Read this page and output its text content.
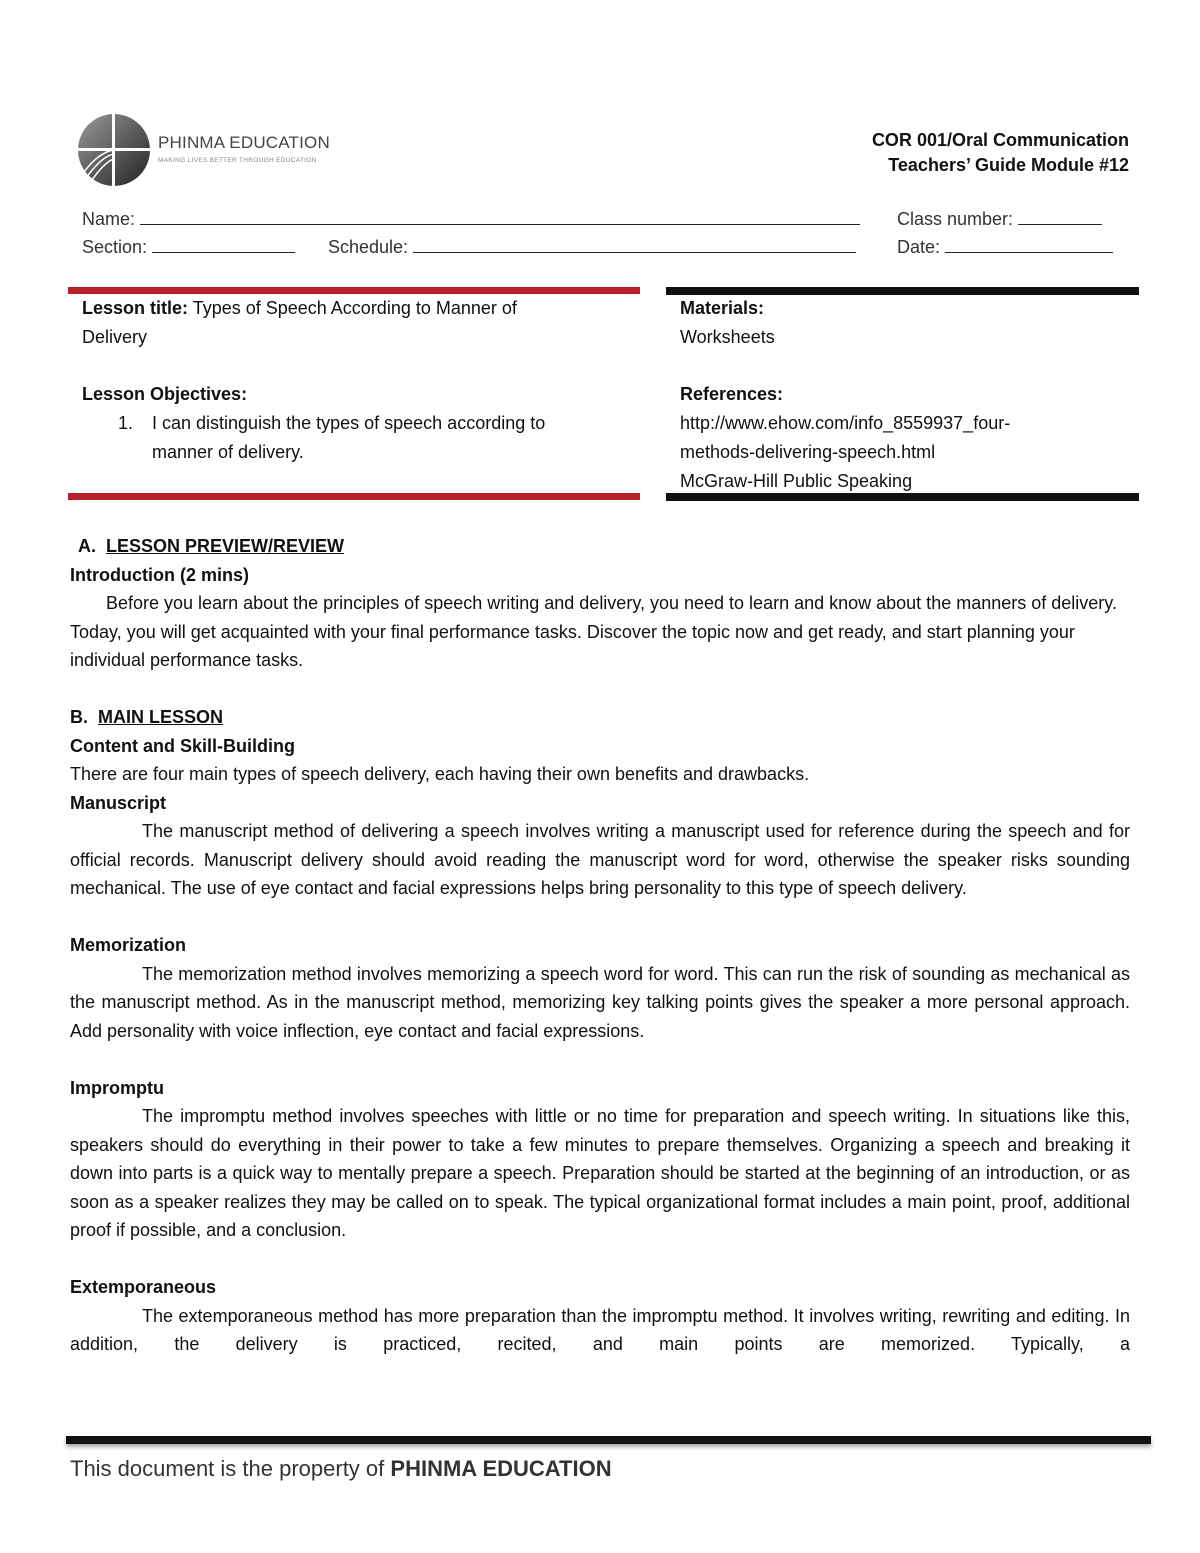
PHINMA EDUCATION
MAKING LIVES BETTER THROUGH EDUCATION
COR 001/Oral Communication
Teachers’ Guide Module #12
Name:	Class number:
Section:	Schedule:	Date:
Lesson title: Types of Speech According to Manner of
Delivery
Lesson Objectives:
1. I can distinguish the types of speech according to
manner of delivery.
Materials:
Worksheets
References:
http://www.ehow.com/info_8559937_four-
methods-delivering-speech.html
McGraw-Hill Public Speaking
A. LESSON PREVIEW/REVIEW
Introduction (2 mins)
Before you learn about the principles of speech writing and delivery, you need to learn and know about the manners of delivery. Today, you will get acquainted with your final performance tasks. Discover the topic now and get ready, and start planning your individual performance tasks.
B. MAIN LESSON
Content and Skill-Building
There are four main types of speech delivery, each having their own benefits and drawbacks.
Manuscript
The manuscript method of delivering a speech involves writing a manuscript used for reference during the speech and for official records. Manuscript delivery should avoid reading the manuscript word for word, otherwise the speaker risks sounding mechanical. The use of eye contact and facial expressions helps bring personality to this type of speech delivery.
Memorization
The memorization method involves memorizing a speech word for word. This can run the risk of sounding as mechanical as the manuscript method. As in the manuscript method, memorizing key talking points gives the speaker a more personal approach. Add personality with voice inflection, eye contact and facial expressions.
Impromptu
The impromptu method involves speeches with little or no time for preparation and speech writing. In situations like this, speakers should do everything in their power to take a few minutes to prepare themselves. Organizing a speech and breaking it down into parts is a quick way to mentally prepare a speech. Preparation should be started at the beginning of an introduction, or as soon as a speaker realizes they may be called on to speak. The typical organizational format includes a main point, proof, additional proof if possible, and a conclusion.
Extemporaneous
The extemporaneous method has more preparation than the impromptu method. It involves writing, rewriting and editing. In addition, the delivery is practiced, recited, and main points are memorized. Typically, a
This document is the property of PHINMA EDUCATION
